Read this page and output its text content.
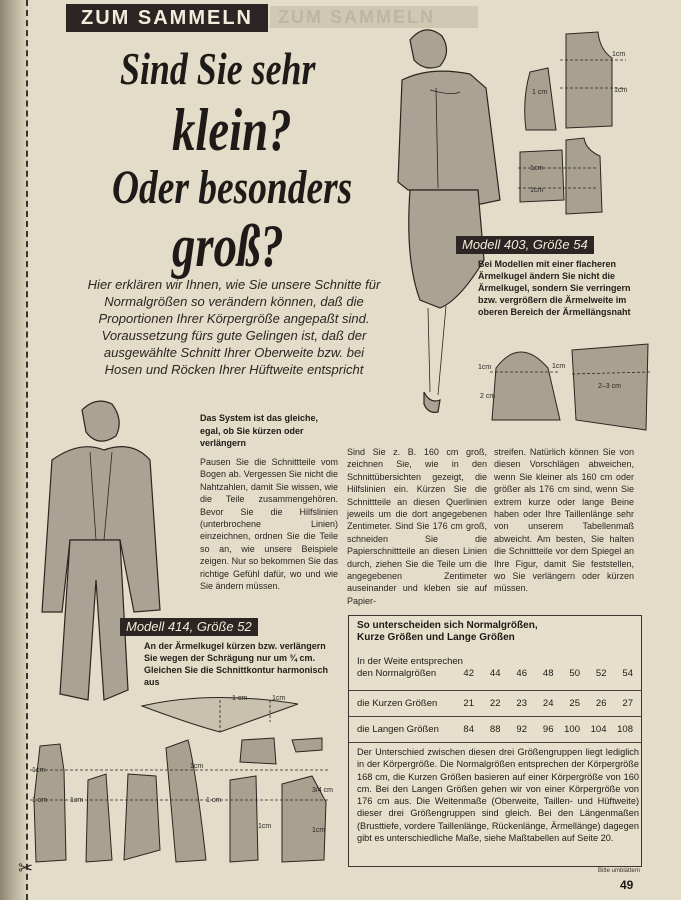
✂
ZUM SAMMELN	ZUM SAMMELN
Sind Sie sehr
klein?
Oder besonders
groß?
Hier erklären wir Ihnen, wie Sie unsere Schnitte für Normalgrößen so verändern können, daß die Proportionen Ihrer Körpergröße angepaßt sind. Voraussetzung fürs gute Gelingen ist, daß der ausgewählte Schnitt Ihrer Oberweite bzw. bei Hosen und Röcken Ihrer Hüftweite entspricht
1cm
1cm
1 cm
1cm
1cm
1cm
2 cm
1cm
2–3 cm
1 cm	1cm
1cm
1 cm	1cm
1cm
1 cm
1cm
3/4 cm
1cm
Modell 403, Größe 54
Bei Modellen mit einer flacheren Ärmelkugel ändern Sie nicht die Ärmelkugel, sondern Sie verringern bzw. vergrößern die Ärmelweite im oberen Bereich der Ärmellängsnaht
Modell 414, Größe 52
An der Ärmelkugel kürzen bzw. verlängern Sie wegen der Schrägung nur um ¾ cm. Gleichen Sie die Schnittkontur harmonisch aus
Das System ist das gleiche, egal, ob Sie kürzen oder verlängern
Pausen Sie die Schnittteile vom Bogen ab. Vergessen Sie nicht die Nahtzahlen, damit Sie wissen, wie die Teile zusammengehören. Bevor Sie die Hilfslinien (unterbrochene Linien) einzeichnen, ordnen Sie die Teile so an, wie unsere Beispiele zeigen. Nur so bekommen Sie das richtige Gefühl dafür, wo und wie Sie ändern müssen.
Sind Sie z. B. 160 cm groß, zeichnen Sie, wie in den Schnittübersichten gezeigt, die Hilfslinien ein. Kürzen Sie die Schnittteile an diesen Querlinien jeweils um die dort angegebenen Zentimeter. Sind Sie 176 cm groß, schneiden Sie die Papierschnittteile an diesen Linien durch, ziehen Sie die Teile um die angegebenen Zentimeter auseinander und kleben sie auf Papier-
streifen. Natürlich können Sie von diesen Vorschlägen abweichen, wenn Sie kleiner als 160 cm oder größer als 176 cm sind, wenn Sie extrem kurze oder lange Beine haben oder Ihre Taillenlänge sehr von unserem Tabellenmaß abweicht. Am besten, Sie halten die Schnittteile vor dem Spiegel an Ihre Figur, damit Sie feststellen, wo Sie verlängern oder kürzen müssen.
So unterscheiden sich Normalgrößen,
Kurze Größen und Lange Größen
In der Weite entsprechen
den Normalgrößen	42	44	46	48	50	52	54
die Kurzen Größen	21	22	23	24	25	26	27
die Langen Größen	84	88	92	96	100	104	108
Der Unterschied zwischen diesen drei Größengruppen liegt lediglich in der Körpergröße. Die Normalgrößen entsprechen der Körpergröße 168 cm, die Kurzen Größen basieren auf einer Körpergröße von 160 cm. Bei den Langen Größen gehen wir von einer Körpergröße von 176 cm aus. Die Weitenmaße (Oberweite, Taillen- und Hüftweite) dieser drei Größengruppen sind gleich. Bei den Längenmaßen (Brusttiefe, vordere Taillenlänge, Rückenlänge, Ärmellänge) dagegen gibt es unterschiedliche Maße, siehe Maßtabellen auf Seite 20.
Bitte umblättern
49
